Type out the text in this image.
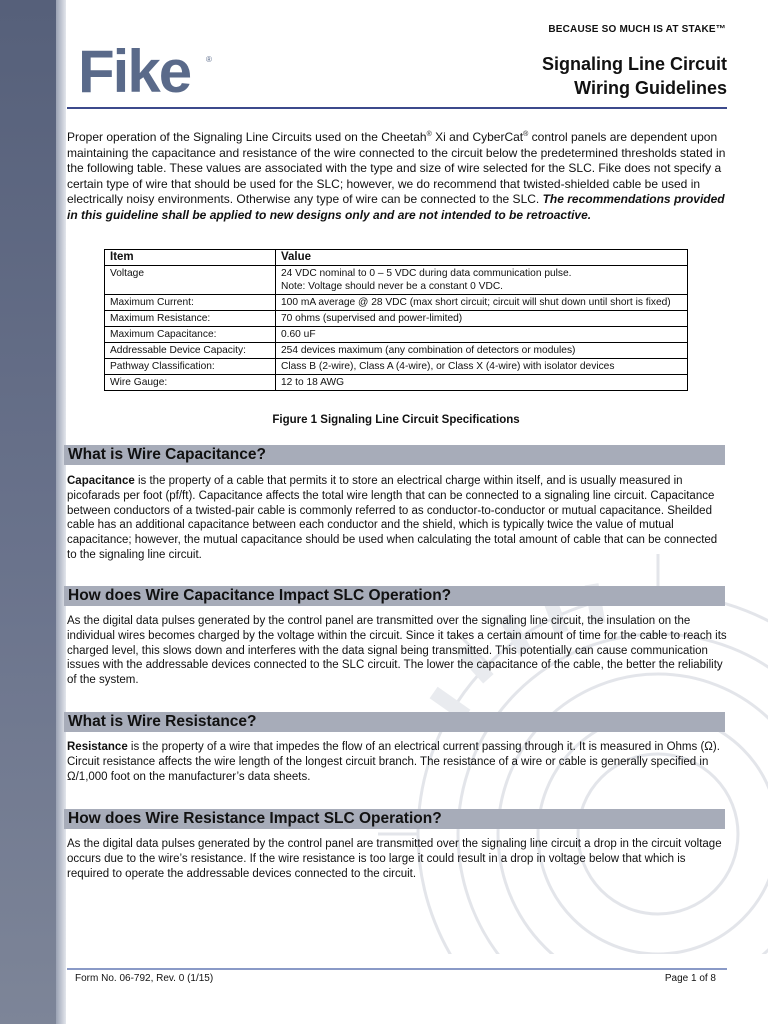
BECAUSE SO MUCH IS AT STAKE™
Fike ®	Signaling Line Circuit
Wiring Guidelines
Proper operation of the Signaling Line Circuits used on the Cheetah® Xi and CyberCat® control panels are dependent upon maintaining the capacitance and resistance of the wire connected to the circuit below the predetermined thresholds stated in the following table. These values are associated with the type and size of wire selected for the SLC. Fike does not specify a certain type of wire that should be used for the SLC; however, we do recommend that twisted-shielded cable be used in electrically noisy environments. Otherwise any type of wire can be connected to the SLC. The recommendations provided in this guideline shall be applied to new designs only and are not intended to be retroactive.
Item	Value
Voltage	24 VDC nominal to 0 – 5 VDC during data communication pulse.
Note: Voltage should never be a constant 0 VDC.

Maximum Current:	100 mA average @ 28 VDC (max short circuit; circuit will shut down until short is fixed)
Maximum Resistance:	70 ohms (supervised and power-limited)
Maximum Capacitance:	0.60 uF
Addressable Device Capacity:	254 devices maximum (any combination of detectors or modules)
Pathway Classification:	Class B (2-wire), Class A (4-wire), or Class X (4-wire) with isolator devices
Wire Gauge:	12 to 18 AWG
Figure 1 Signaling Line Circuit Specifications
What is Wire Capacitance?
Capacitance is the property of a cable that permits it to store an electrical charge within itself, and is usually measured in picofarads per foot (pf/ft). Capacitance affects the total wire length that can be connected to a signaling line circuit. Capacitance between conductors of a twisted-pair cable is commonly referred to as conductor-to-conductor or mutual capacitance. Sheilded cable has an additional capacitance between each conductor and the shield, which is typically twice the value of mutual capacitance; however, the mutual capacitance should be used when calculating the total amount of cable that can be connected to the signaling line circuit.
How does Wire Capacitance Impact SLC Operation?
As the digital data pulses generated by the control panel are transmitted over the signaling line circuit, the insulation on the individual wires becomes charged by the voltage within the circuit. Since it takes a certain amount of time for the cable to reach its charged level, this slows down and interferes with the data signal being transmitted. This potentially can cause communication issues with the addressable devices connected to the SLC circuit. The lower the capacitance of the cable, the better the reliability of the system.
What is Wire Resistance?
Resistance is the property of a wire that impedes the flow of an electrical current passing through it. It is measured in Ohms (Ω). Circuit resistance affects the wire length of the longest circuit branch. The resistance of a wire or cable is generally specified in Ω/1,000 foot on the manufacturer’s data sheets.
How does Wire Resistance Impact SLC Operation?
As the digital data pulses generated by the control panel are transmitted over the signaling line circuit a drop in the circuit voltage occurs due to the wire’s resistance. If the wire resistance is too large it could result in a drop in voltage below that which is required to operate the addressable devices connected to the circuit.
Form No. 06-792, Rev. 0 (1/15)	Page 1 of 8
